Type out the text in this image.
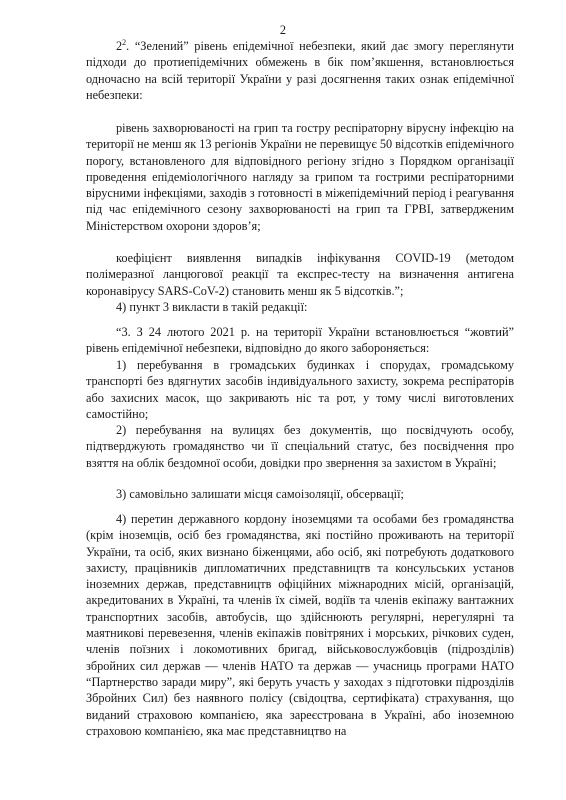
2

$2^2$. “Зелений” рівень епідемічної небезпеки, який дає змогу переглянути підходи до протиепідемічних обмежень в бік пом’якшення, встановлюється одночасно на всій території України у разі досягнення таких ознак епідемічної небезпеки:

рівень захворюваності на грип та гостру респіраторну вірусну інфекцію на території не менш як 13 регіонів України не перевищує 50 відсотків епідемічного порогу, встановленого для відповідного регіону згідно з Порядком організації проведення епідеміологічного нагляду за грипом та гострими респіраторними вірусними інфекціями, заходів з готовності в міжепідемічний період і реагування під час епідемічного сезону захворюваності на грип та ГРВІ, затвердженим Міністерством охорони здоров’я;

коефіцієнт виявлення випадків інфікування COVID-19 (методом полімеразної ланцюгової реакції та експрес-тесту на визначення антигена коронавірусу SARS-CoV-2) становить менш як 5 відсотків.”;

4) пункт 3 викласти в такій редакції:

“3. З 24 лютого 2021 р. на території України встановлюється “жовтий” рівень епідемічної небезпеки, відповідно до якого забороняється:

1) перебування в громадських будинках і спорудах, громадському транспорті без вдягнутих засобів індивідуального захисту, зокрема респіраторів або захисних масок, що закривають ніс та рот, у тому числі виготовлених самостійно;

2) перебування на вулицях без документів, що посвідчують особу, підтверджують громадянство чи її спеціальний статус, без посвідчення про взяття на облік бездомної особи, довідки про звернення за захистом в Україні;

3) самовільно залишати місця самоізоляції, обсервації;

4) перетин державного кордону іноземцями та особами без громадянства (крім іноземців, осіб без громадянства, які постійно проживають на території України, та осіб, яких визнано біженцями, або осіб, які потребують додаткового захисту, працівників дипломатичних представництв та консульських установ іноземних держав, представництв офіційних міжнародних місій, організацій, акредитованих в Україні, та членів їх сімей, водіїв та членів екіпажу вантажних транспортних засобів, автобусів, що здійснюють регулярні, нерегулярні та маятникові перевезення, членів екіпажів повітряних і морських, річкових суден, членів поїзних і локомотивних бригад, військовослужбовців (підрозділів) збройних сил держав — членів НАТО та держав — учасниць програми НАТО “Партнерство заради миру”, які беруть участь у заходах з підготовки підрозділів Збройних Сил) без наявного полісу (свідоцтва, сертифіката) страхування, що виданий страховою компанією, яка зареєстрована в Україні, або іноземною страховою компанією, яка має представництво на
